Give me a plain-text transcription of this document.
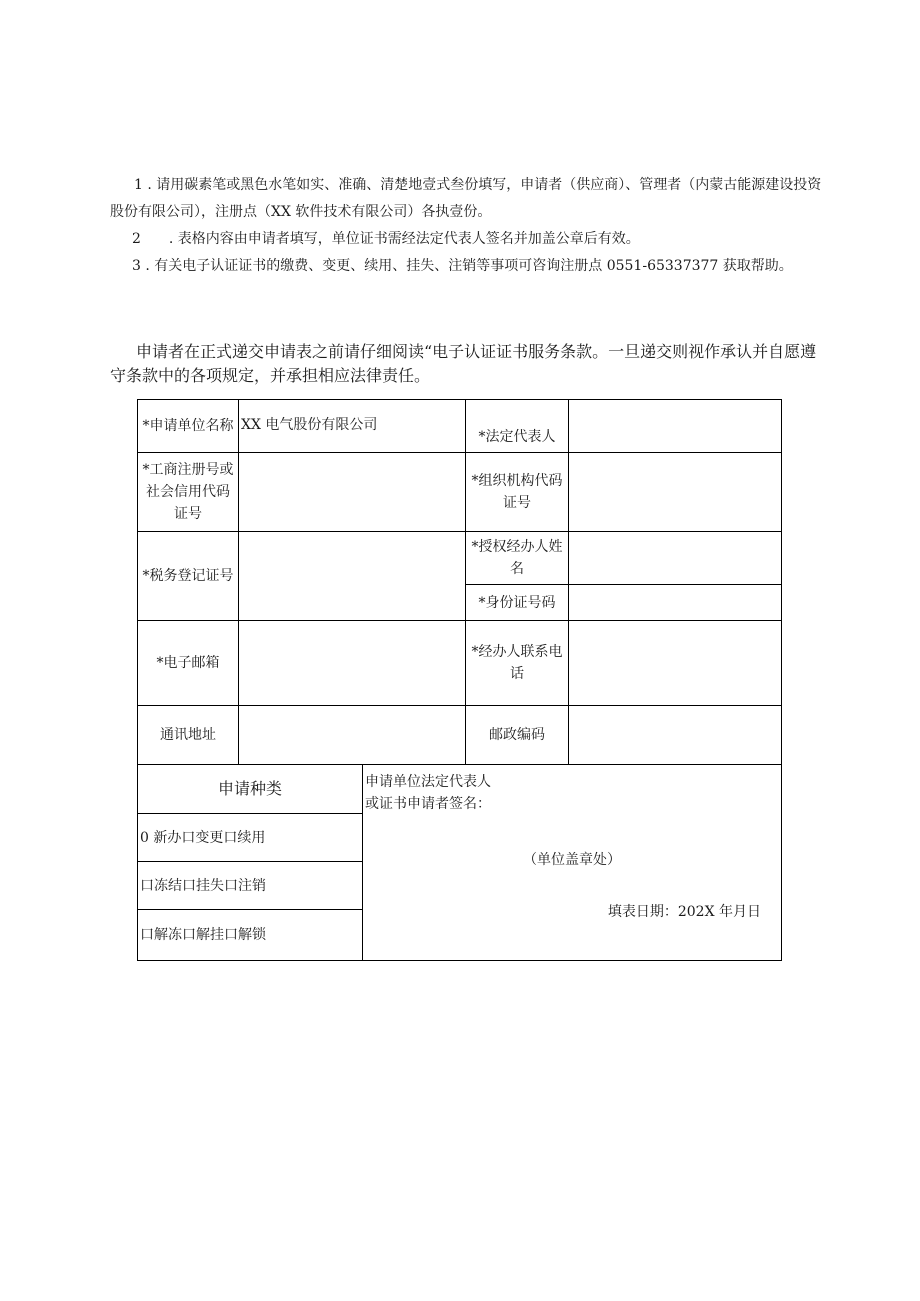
1 . 请用碳素笔或黑色水笔如实、准确、清楚地壹式叁份填写，申请者（供应商）、管理者（内蒙古能源建设投资股份有限公司），注册点（XX 软件技术有限公司）各执壹份。

2　　. 表格内容由申请者填写，单位证书需经法定代表人签名并加盖公章后有效。

3 . 有关电子认证证书的缴费、变更、续用、挂失、注销等事项可咨询注册点 0551-65337377 获取帮助。

申请者在正式递交申请表之前请仔细阅读“电子认证证书服务条款。一旦递交则视作承认并自愿遵守条款中的各项规定，并承担相应法律责任。

*申请单位名称 XX 电气股份有限公司
*法定代表人
*工商注册号或社会信用代码证号
*组织机构代码证号
*税务登记证号
*授权经办人姓名
*身份证号码
*电子邮箱
*经办人联系电话
通讯地址	邮政编码
申请种类
0 新办口变更口续用
口冻结口挂失口注销
口解冻口解挂口解锁
申请单位法定代表人
或证书申请者签名：
（单位盖章处）
填表日期：202X 年月日
